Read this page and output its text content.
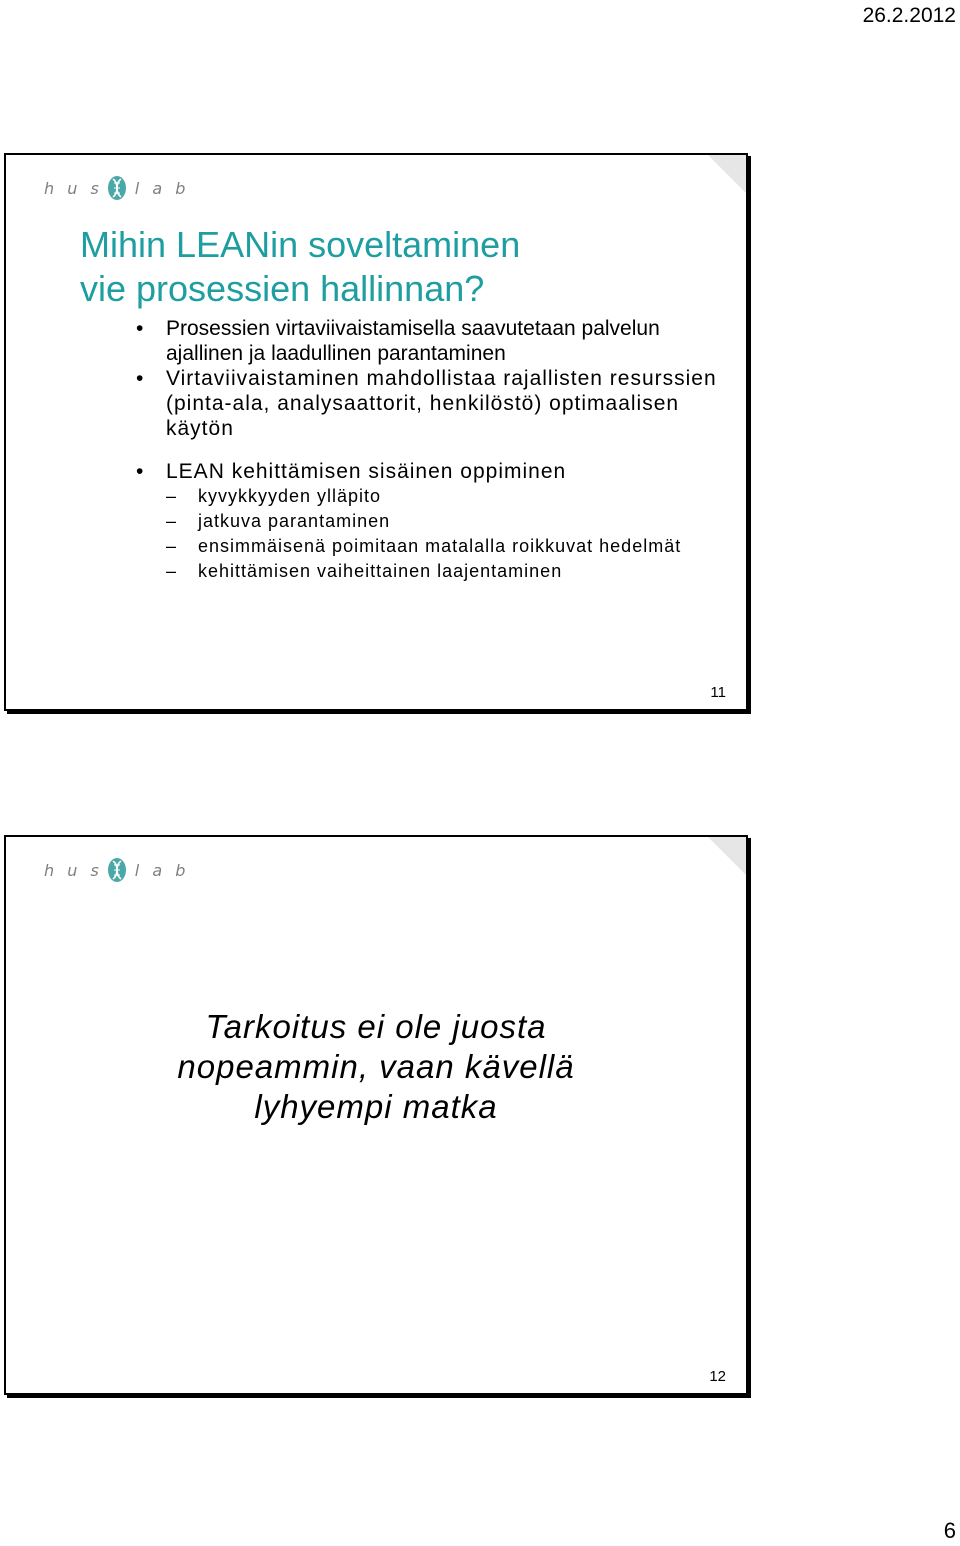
26.2.2012
h u s l a b
Mihin LEANin soveltaminen
vie prosessien hallinnan?
• Prosessien virtaviivaistamisella saavutetaan palvelun ajallinen ja laadullinen parantaminen
• Virtaviivaistaminen mahdollistaa rajallisten resurssien (pinta-ala, analysaattorit, henkilöstö) optimaalisen käytön
• LEAN kehittämisen sisäinen oppiminen
– kyvykkyyden ylläpito
– jatkuva parantaminen
– ensimmäisenä poimitaan matalalla roikkuvat hedelmät
– kehittämisen vaiheittainen laajentaminen
11
h u s l a b
Tarkoitus ei ole juosta
nopeammin, vaan kävellä
lyhyempi matka
12
6
